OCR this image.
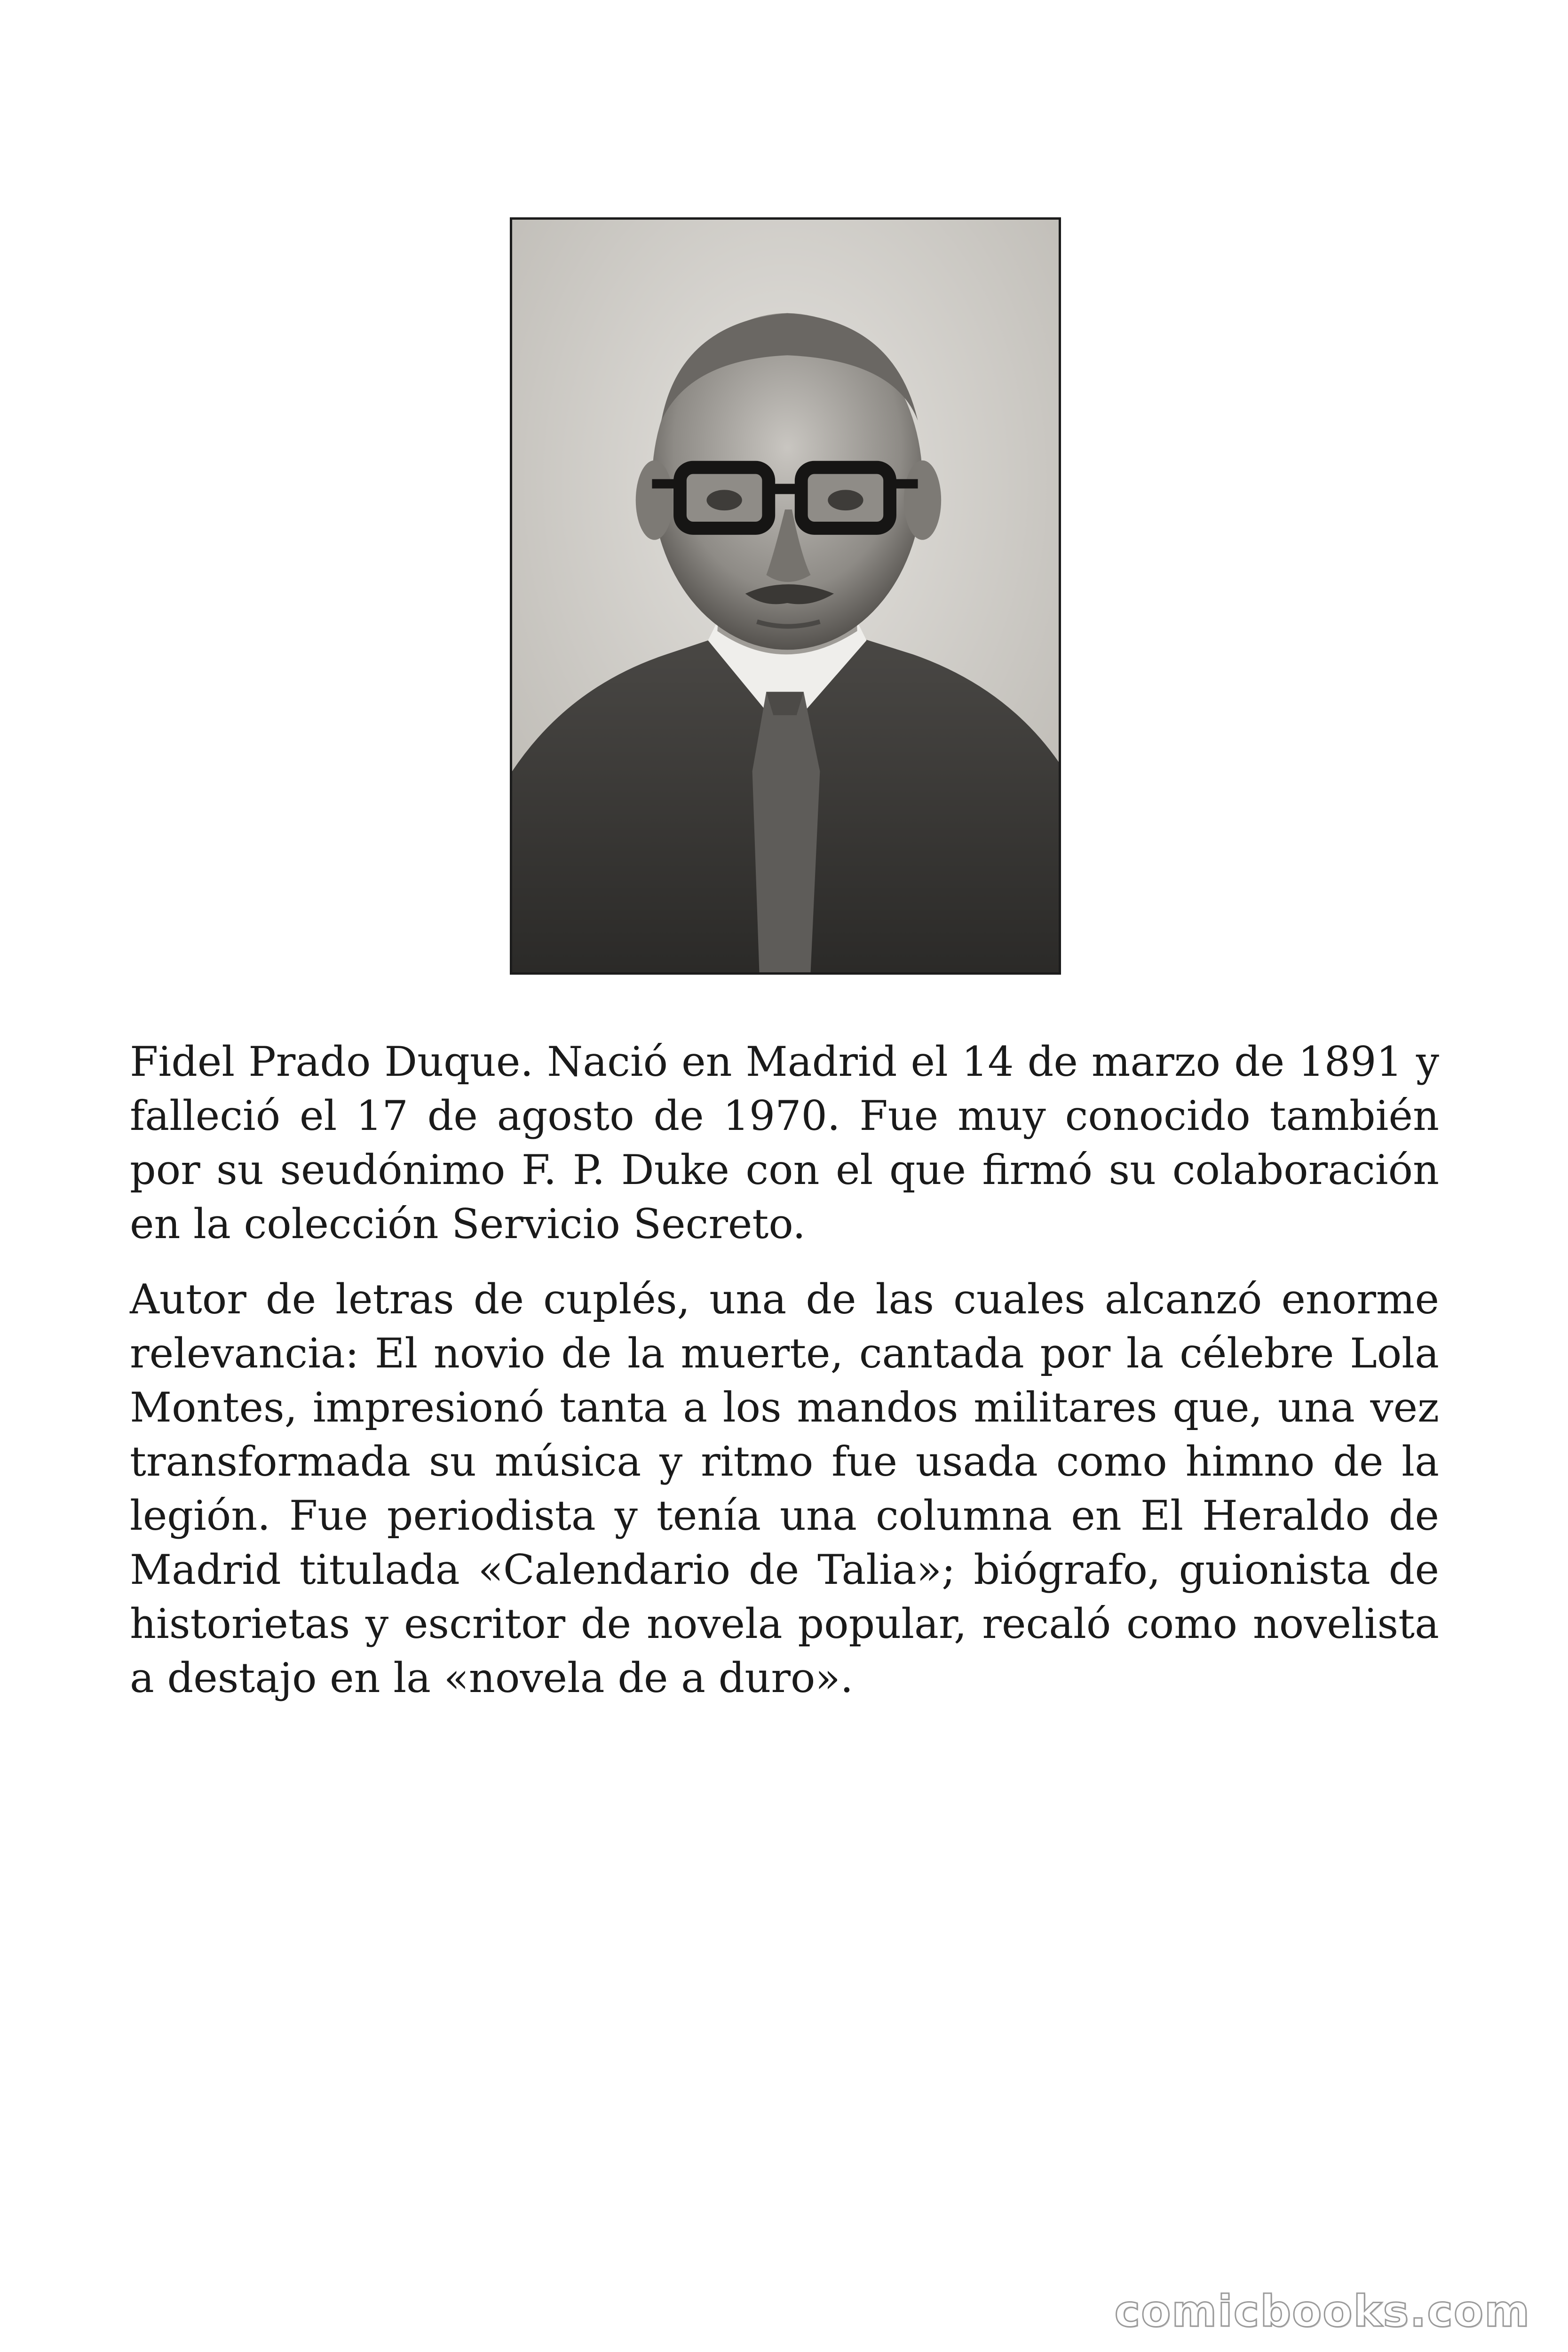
Fidel Prado Duque. Nació en Madrid el 14 de marzo de 1891 y falleció el 17 de agosto de 1970. Fue muy conocido también por su seudónimo F. P. Duke con el que firmó su colaboración en la colección Servicio Secreto.

Autor de letras de cuplés, una de las cuales alcanzó enorme relevancia: El novio de la muerte, cantada por la célebre Lola Montes, impresionó tanta a los mandos militares que, una vez transformada su música y ritmo fue usada como himno de la legión. Fue periodista y tenía una columna en El Heraldo de Madrid titulada «Calendario de Talia»; biógrafo, guionista de historietas y escritor de novela popular, recaló como novelista a destajo en la «novela de a duro».

comicbooks.com
